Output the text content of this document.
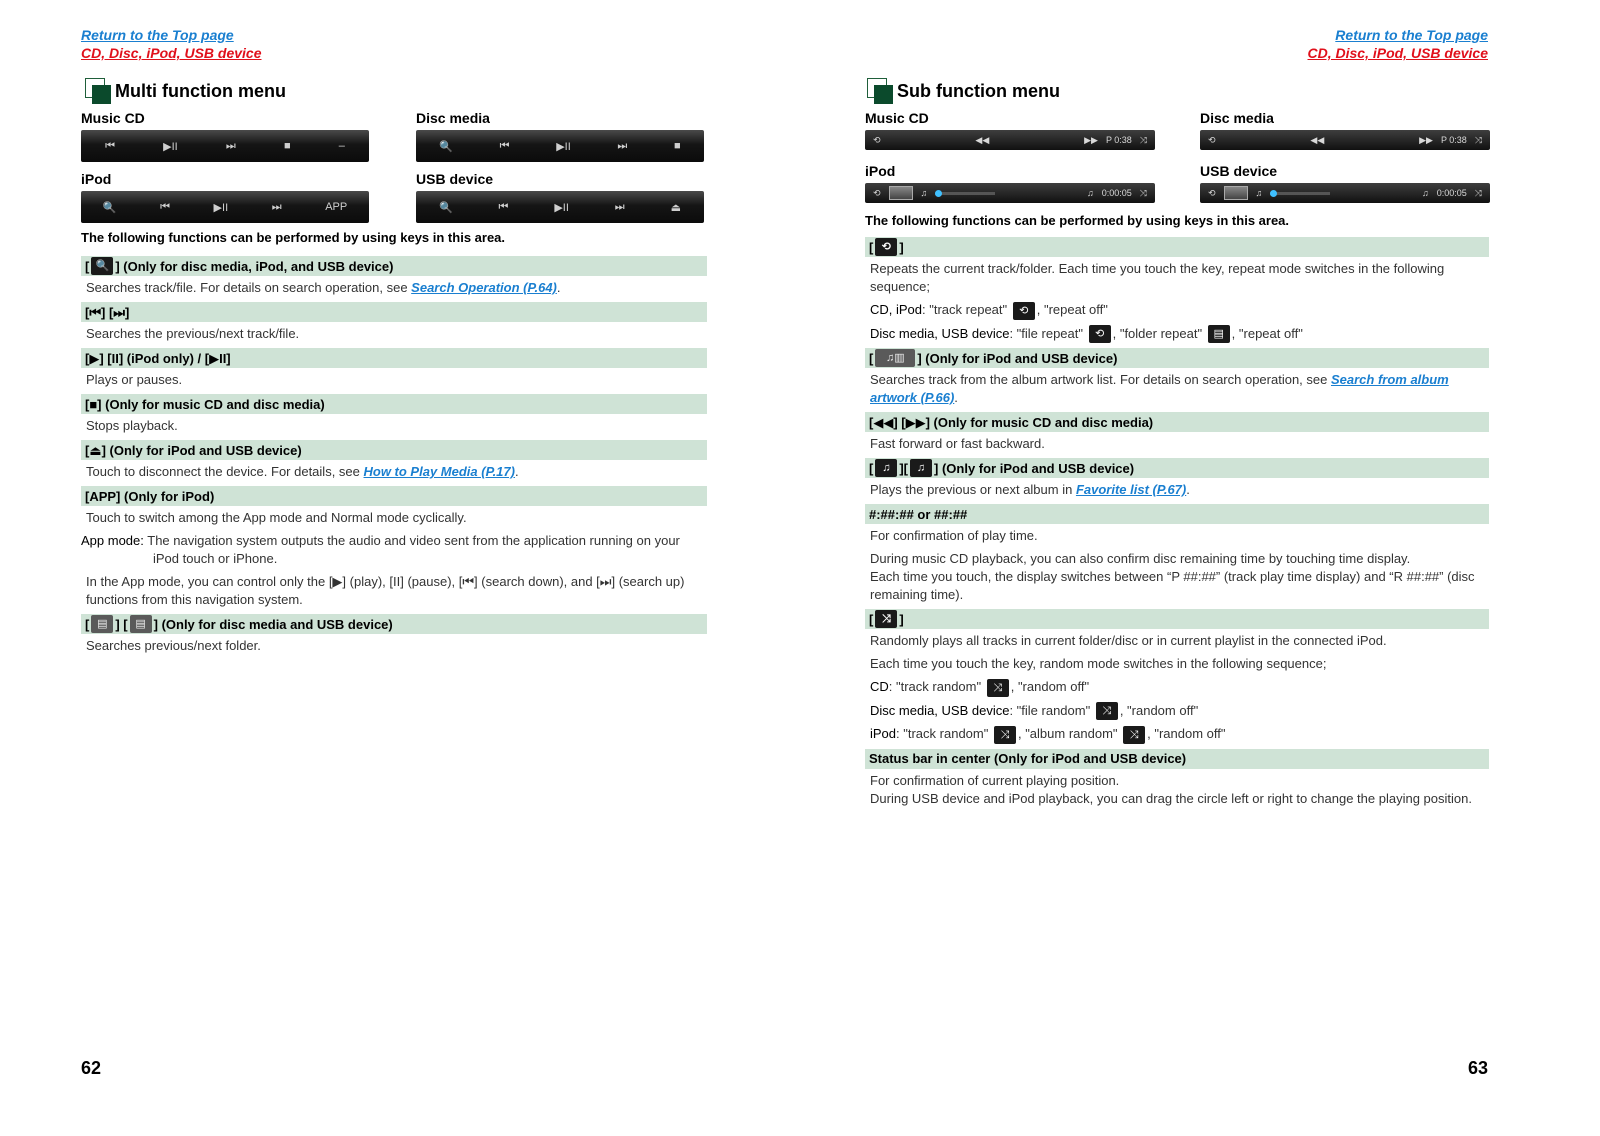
Return to the Top page
CD, Disc, iPod, USB device
Multi function menu
Music CD
⏮	▶II	⏭	■	–
Disc media
🔍	⏮	▶II	⏭	■
iPod
🔍	⏮	▶II	⏭	APP
USB device
🔍	⏮	▶II	⏭	⏏
The following functions can be performed by using keys in this area.
[ 🔍 ] (Only for disc media, iPod, and USB device)
Searches track/file. For details on search operation, see Search Operation (P.64).
[⏮] [⏭]
Searches the previous/next track/file.
[▶] [II] (iPod only) / [▶II]
Plays or pauses.
[■] (Only for music CD and disc media)
Stops playback.
[⏏] (Only for iPod and USB device)
Touch to disconnect the device. For details, see How to Play Media (P.17).
[APP] (Only for iPod)
Touch to switch among the App mode and Normal mode cyclically.
App mode: The navigation system outputs the audio and video sent from the application running on your iPod touch or iPhone.
In the App mode, you can control only the [▶] (play), [II] (pause), [⏮] (search down), and [⏭] (search up) functions from this navigation system.
[ ▤ ] [ ▤ ] (Only for disc media and USB device)
Searches previous/next folder.
62
Return to the Top page
CD, Disc, iPod, USB device
Sub function menu
Music CD
⟲	◀◀	▶▶ P 0:38 ⤨
Disc media
⟲	◀◀	▶▶ P 0:38 ⤨
iPod
⟲	♫	♫ 0:00:05 ⤨
USB device
⟲	♫	♫ 0:00:05 ⤨
The following functions can be performed by using keys in this area.
[ ⟲ ]
Repeats the current track/folder. Each time you touch the key, repeat mode switches in the following sequence;
CD, iPod: "track repeat" ⟲ , "repeat off"
Disc media, USB device: "file repeat" ⟲ , "folder repeat" ▤ , "repeat off"
[	♫▥ ] (Only for iPod and USB device)
Searches track from the album artwork list. For details on search operation, see Search from album artwork (P.66).
[◀◀] [▶▶] (Only for music CD and disc media)
Fast forward or fast backward.
[ ♫ ][ ♫ ] (Only for iPod and USB device)
Plays the previous or next album in Favorite list (P.67).
#:##:## or ##:##
For confirmation of play time.
During music CD playback, you can also confirm disc remaining time by touching time display.
Each time you touch, the display switches between “P ##:##” (track play time display) and “R ##:##” (disc remaining time).
[ ⤨ ]
Randomly plays all tracks in current folder/disc or in current playlist in the connected iPod.
Each time you touch the key, random mode switches in the following sequence;
CD: "track random" ⤨ , "random off"
Disc media, USB device: "file random" ⤨ , "random off"
iPod: "track random" ⤨ , "album random" ⤨ , "random off"
Status bar in center (Only for iPod and USB device)
For confirmation of current playing position.
During USB device and iPod playback, you can drag the circle left or right to change the playing position.
63
